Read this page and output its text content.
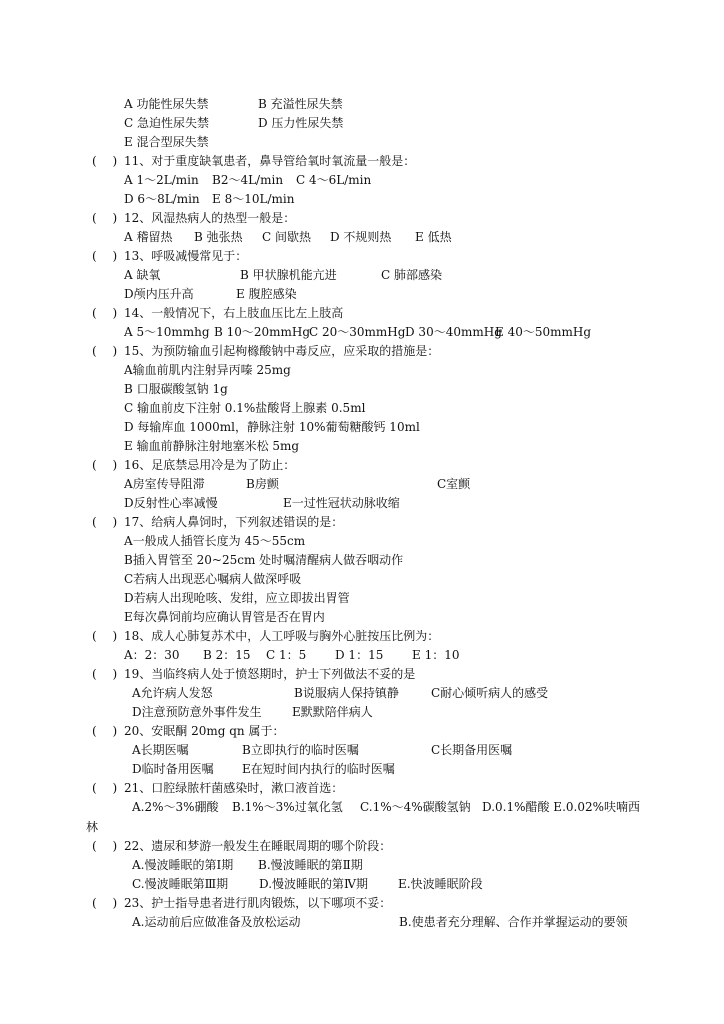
A 功能性尿失禁	B 充溢性尿失禁
C 急迫性尿失禁	D 压力性尿失禁
E 混合型尿失禁
( ) 11、对于重度缺氧患者，鼻导管给氧时氧流量一般是：
A 1～2L/min B2～4L/min C 4～6L/min
D 6～8L/min E 8～10L/min
( ) 12、风湿热病人的热型一般是：
A 稽留热 B 弛张热 C 间歇热 D 不规则热 E 低热
( ) 13、呼吸减慢常见于：
A 缺氧	B 甲状腺机能亢进	C 肺部感染
D颅内压升高	E 腹腔感染
( ) 14、一般情况下，右上肢血压比左上肢高
A 5～10mmhg B 10～20mmHg
C 20～30mmHg D 30～40mmHg
E 40～50mmHg
( ) 15、为预防输血引起枸橼酸钠中毒反应，应采取的措施是：
A输血前肌内注射异丙嗪 25mg
B 口服碳酸氢钠 1g
C 输血前皮下注射 0.1%盐酸肾上腺素 0.5ml
D 每输库血 1000ml，静脉注射 10%葡萄糖酸钙 10ml
E 输血前静脉注射地塞米松 5mg
( ) 16、足底禁忌用冷是为了防止：
A房室传导阻滞	B房颤	C室颤
D反射性心率减慢	E一过性冠状动脉收缩
( ) 17、给病人鼻饲时，下列叙述错误的是：
A一般成人插管长度为 45～55cm
B插入胃管至 20~25cm 处时嘱清醒病人做吞咽动作
C若病人出现恶心嘱病人做深呼吸
D若病人出现呛咳、发绀，应立即拔出胃管
E每次鼻饲前均应确认胃管是否在胃内
( ) 18、成人心肺复苏术中，人工呼吸与胸外心脏按压比例为：
A：2：30 B 2：15 C 1：5 D 1：15 E 1：10
( ) 19、当临终病人处于愤怒期时，护士下列做法不妥的是
A允许病人发怒	B说服病人保持镇静	C耐心倾听病人的感受
D注意预防意外事件发生	E默默陪伴病人
( ) 20、安眠酮 20mg qn 属于：
A长期医嘱	B立即执行的临时医嘱	C长期备用医嘱
D临时备用医嘱 E在短时间内执行的临时医嘱
( ) 21、口腔绿脓杆菌感染时，漱口液首选：
A.2%～3%硼酸 B.1%～3%过氧化氢 C.1%～4%碳酸氢钠 D.0.1%醋酸 E.0.02%呋喃西
林
( ) 22、遗尿和梦游一般发生在睡眠周期的哪个阶段：
A.慢波睡眠的第Ⅰ期 B.慢波睡眠的第Ⅱ期
C.慢波睡眠第Ⅲ期	D.慢波睡眠的第Ⅳ期	E.快波睡眠阶段
( ) 23、护士指导患者进行肌肉锻炼，以下哪项不妥：
A.运动前后应做准备及放松运动	B.使患者充分理解、合作并掌握运动的要领
